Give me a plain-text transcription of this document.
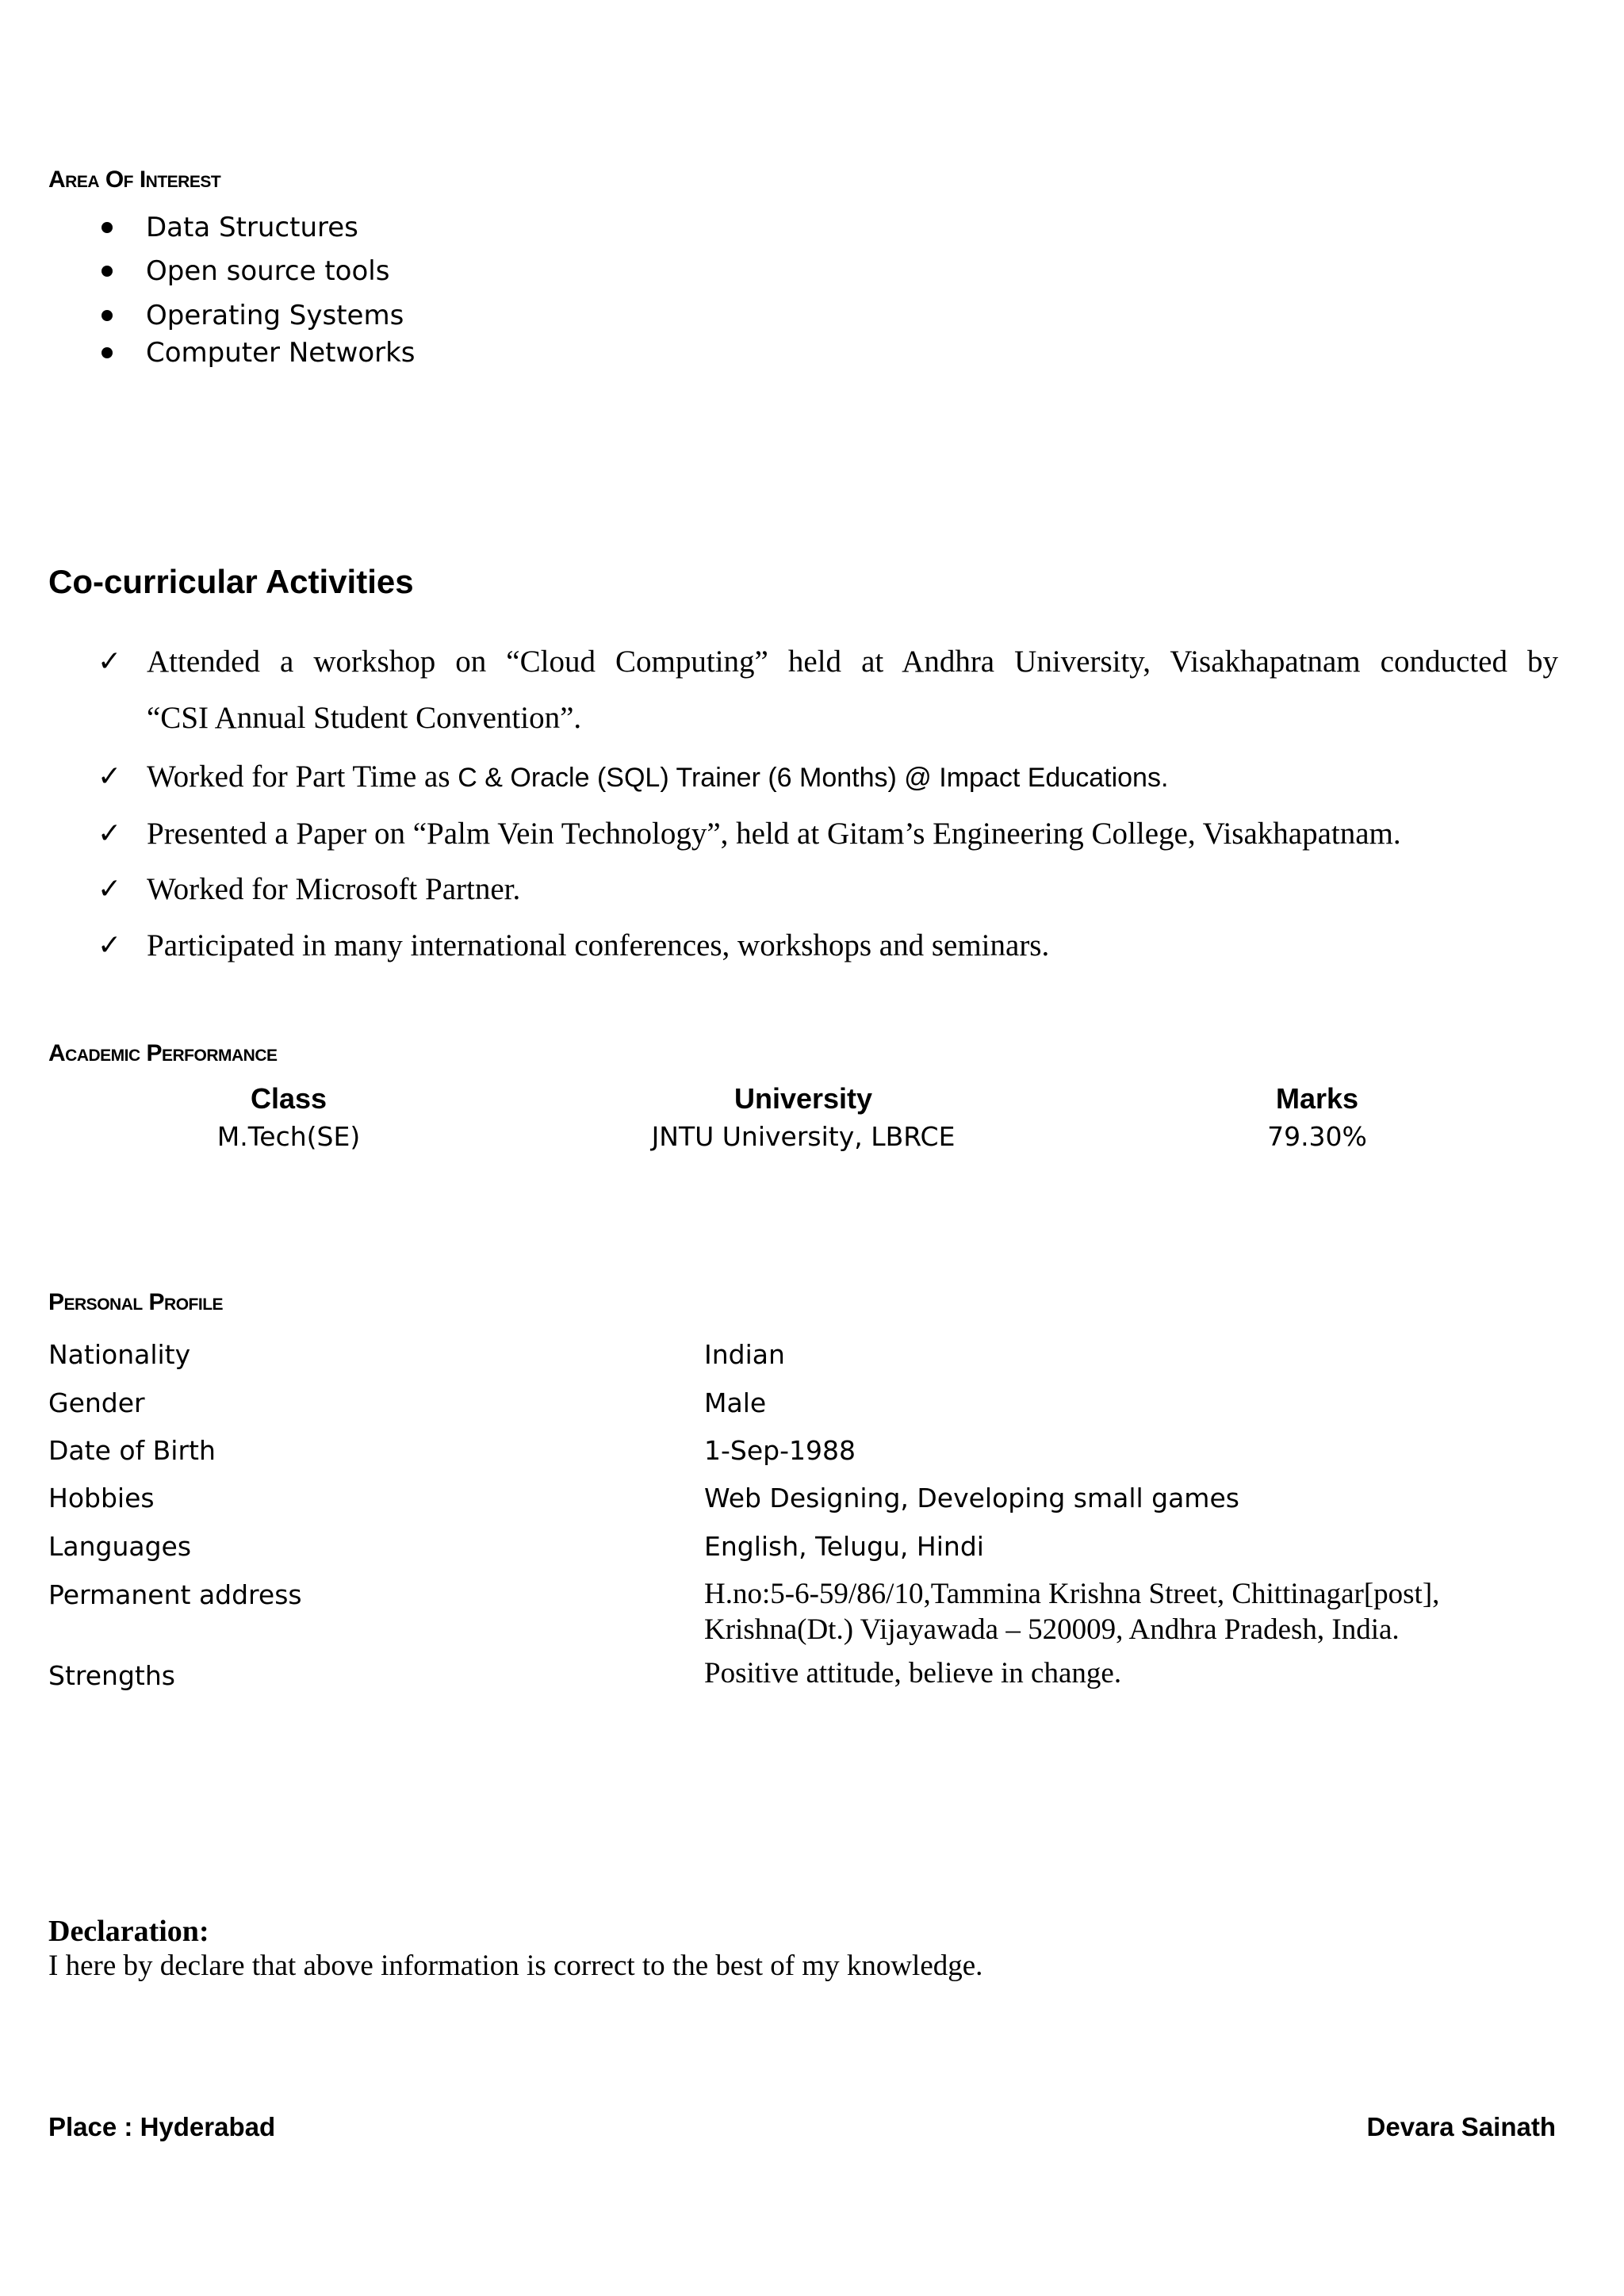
Area Of Interest
Data Structures
Open source tools
Operating Systems
Computer Networks
Co-curricular Activities
✓ Attended a workshop on “Cloud Computing” held at Andhra University, Visakhapatnam conducted by
“CSI Annual Student Convention”.
✓ Worked for Part Time as C & Oracle (SQL) Trainer (6 Months) @ Impact Educations.
✓ Presented a Paper on “Palm Vein Technology”, held at Gitam’s Engineering College, Visakhapatnam.
✓ Worked for Microsoft Partner.
✓ Participated in many international conferences, workshops and seminars.
Academic Performance
Class	University	Marks
M.Tech(SE)	JNTU University, LBRCE	79.30%
Personal Profile
Nationality	Indian
Gender	Male
Date of Birth	1-Sep-1988
Hobbies	Web Designing, Developing small games
Languages	English, Telugu, Hindi
Permanent address	H.no:5-6-59/86/10,Tammina Krishna Street, Chittinagar[post],
Krishna(Dt.) Vijayawada – 520009, Andhra Pradesh, India.
Strengths	Positive attitude, believe in change.
Declaration:
I here by declare that above information is correct to the best of my knowledge.
Place : Hyderabad	Devara Sainath
